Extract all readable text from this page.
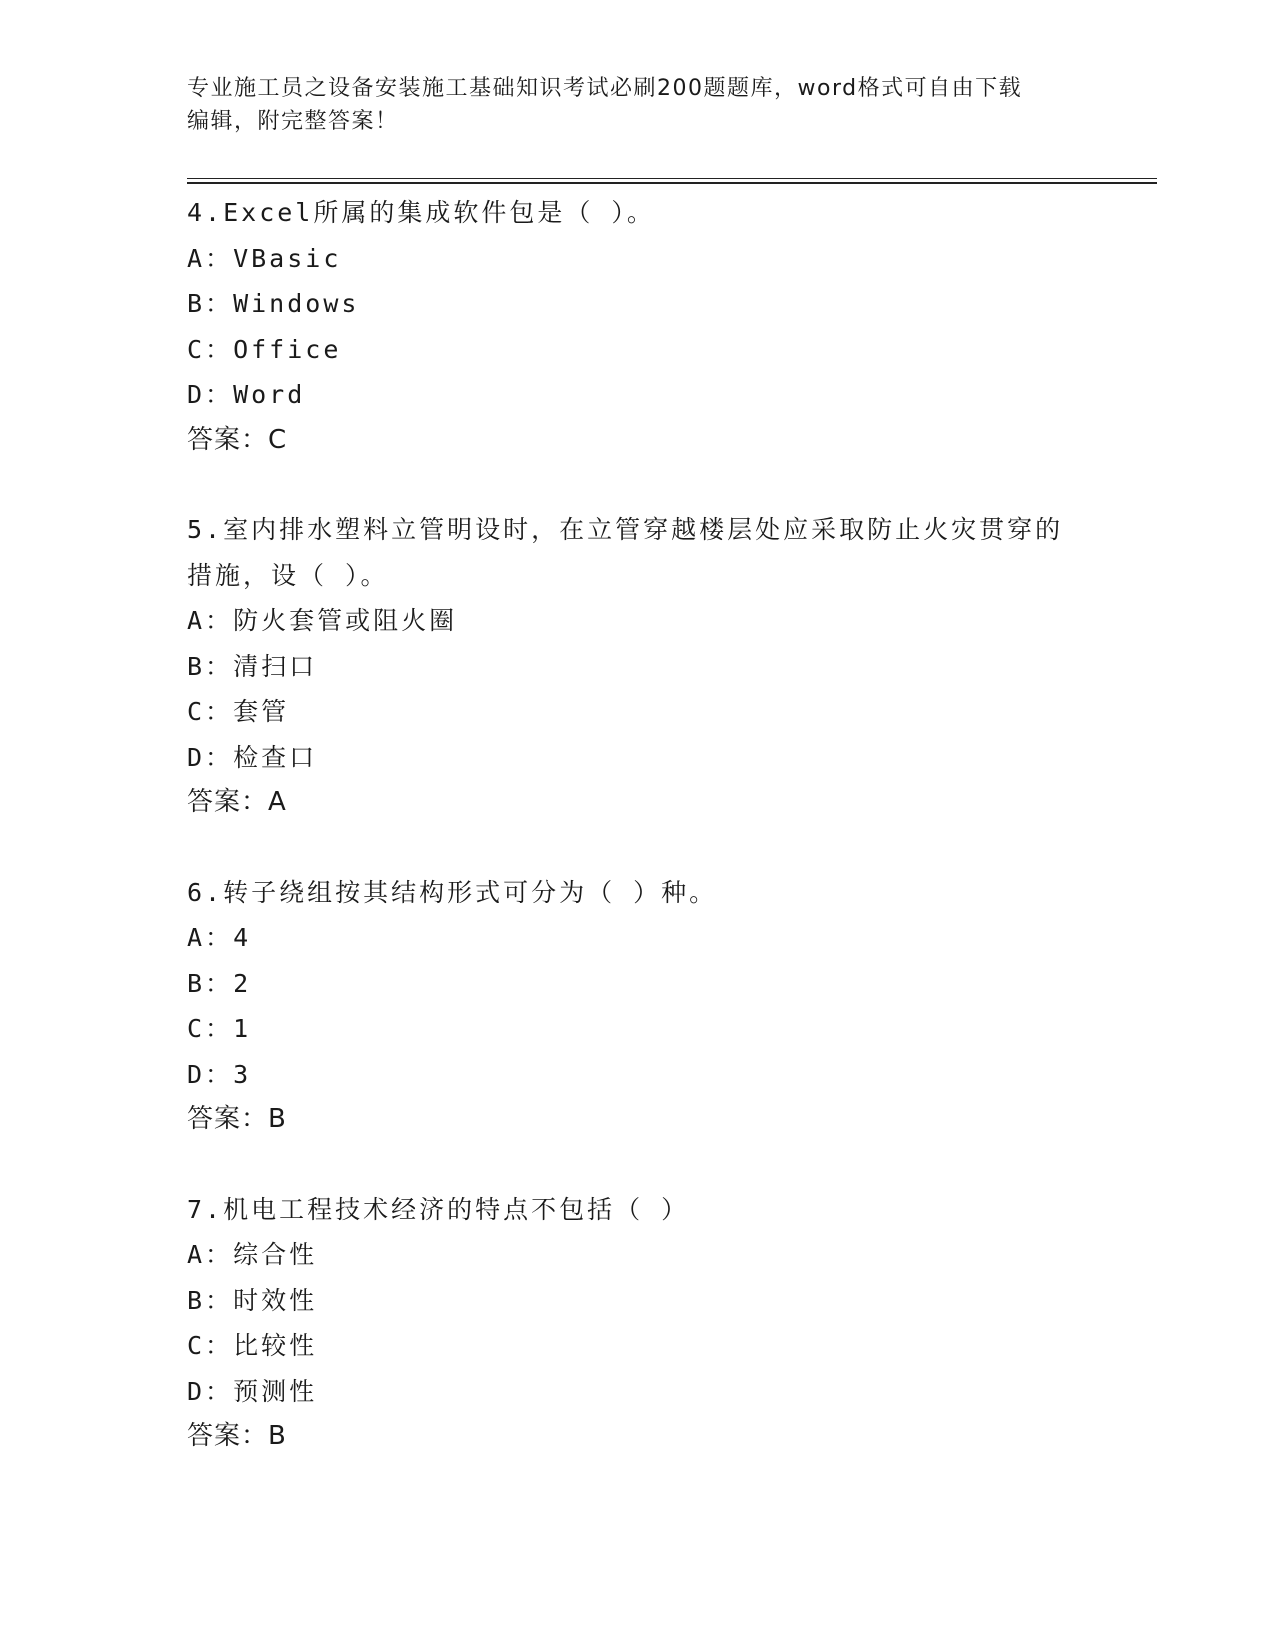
专业施工员之设备安装施工基础知识考试必刷200题题库，word格式可自由下载
编辑，附完整答案！

4.Excel所属的集成软件包是（ ）。

A：VBasic

B：Windows

C：Office

D：Word

答案：C

5.室内排水塑料立管明设时，在立管穿越楼层处应采取防止火灾贯穿的措施，设（ ）。

A：防火套管或阻火圈

B：清扫口

C：套管

D：检查口

答案：A

6.转子绕组按其结构形式可分为（ ）种。

A：4

B：2

C：1

D：3

答案：B

7.机电工程技术经济的特点不包括（ ）

A：综合性

B：时效性

C：比较性

D：预测性

答案：B
